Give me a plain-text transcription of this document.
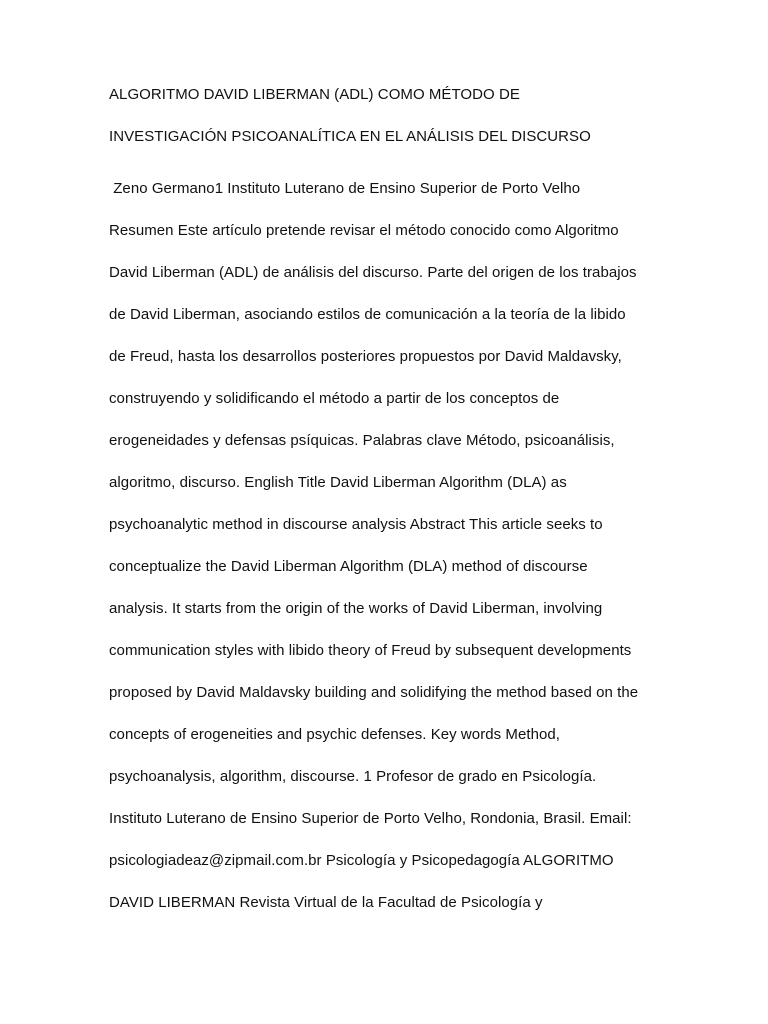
ALGORITMO DAVID LIBERMAN (ADL) COMO MÉTODO DE
INVESTIGACIÓN PSICOANALÍTICA EN EL ANÁLISIS DEL DISCURSO
Zeno Germano1 Instituto Luterano de Ensino Superior de Porto Velho
Resumen Este artículo pretende revisar el método conocido como Algoritmo
David Liberman (ADL) de análisis del discurso. Parte del origen de los trabajos
de David Liberman, asociando estilos de comunicación a la teoría de la libido
de Freud, hasta los desarrollos posteriores propuestos por David Maldavsky,
construyendo y solidificando el método a partir de los conceptos de
erogeneidades y defensas psíquicas. Palabras clave Método, psicoanálisis,
algoritmo, discurso. English Title David Liberman Algorithm (DLA) as
psychoanalytic method in discourse analysis Abstract This article seeks to
conceptualize the David Liberman Algorithm (DLA) method of discourse
analysis. It starts from the origin of the works of David Liberman, involving
communication styles with libido theory of Freud by subsequent developments
proposed by David Maldavsky building and solidifying the method based on the
concepts of erogeneities and psychic defenses. Key words Method,
psychoanalysis, algorithm, discourse. 1 Profesor de grado en Psicología.
Instituto Luterano de Ensino Superior de Porto Velho, Rondonia, Brasil. Email:
psicologiadeaz@zipmail.com.br Psicología y Psicopedagogía ALGORITMO
DAVID LIBERMAN Revista Virtual de la Facultad de Psicología y
